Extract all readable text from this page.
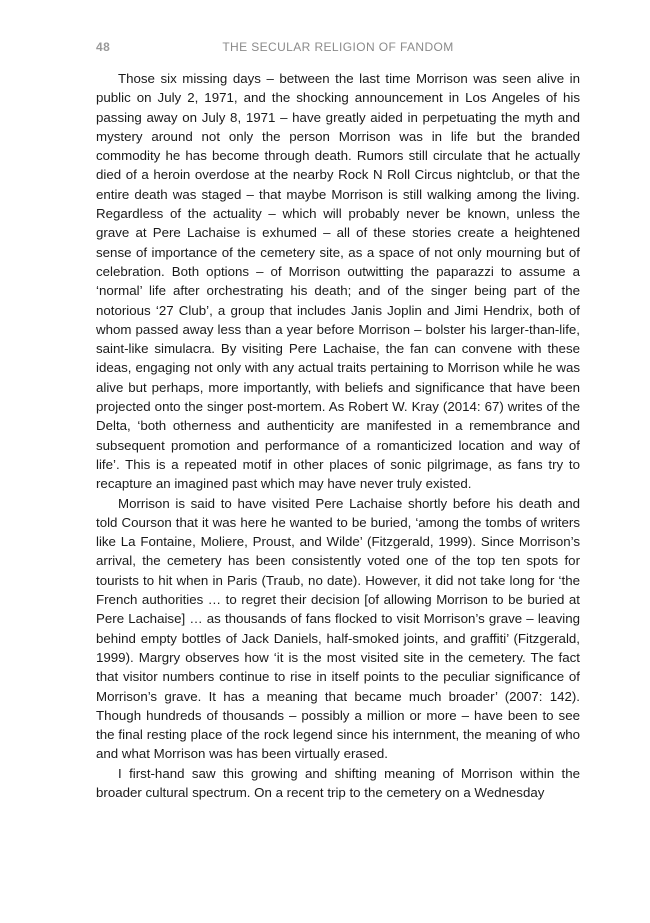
48	THE SECULAR RELIGION OF FANDOM

Those six missing days – between the last time Morrison was seen alive in public on July 2, 1971, and the shocking announcement in Los Angeles of his passing away on July 8, 1971 – have greatly aided in perpetuating the myth and mystery around not only the person Morrison was in life but the branded commodity he has become through death. Rumors still circulate that he actually died of a heroin overdose at the nearby Rock N Roll Circus nightclub, or that the entire death was staged – that maybe Morrison is still walking among the living. Regardless of the actuality – which will probably never be known, unless the grave at Pere Lachaise is exhumed – all of these stories create a heightened sense of importance of the cemetery site, as a space of not only mourning but of celebration. Both options – of Morrison outwitting the paparazzi to assume a ‘normal’ life after orchestrating his death; and of the singer being part of the notorious ‘27 Club’, a group that includes Janis Joplin and Jimi Hendrix, both of whom passed away less than a year before Morrison – bolster his larger-than-life, saint-like simulacra. By visiting Pere Lachaise, the fan can convene with these ideas, engaging not only with any actual traits pertaining to Morrison while he was alive but perhaps, more importantly, with beliefs and significance that have been projected onto the singer post-mortem. As Robert W. Kray (2014: 67) writes of the Delta, ‘both otherness and authenticity are manifested in a remembrance and subsequent promotion and performance of a romanticized location and way of life’. This is a repeated motif in other places of sonic pilgrimage, as fans try to recapture an imagined past which may have never truly existed.

Morrison is said to have visited Pere Lachaise shortly before his death and told Courson that it was here he wanted to be buried, ‘among the tombs of writers like La Fontaine, Moliere, Proust, and Wilde’ (Fitzgerald, 1999). Since Morrison’s arrival, the cemetery has been consistently voted one of the top ten spots for tourists to hit when in Paris (Traub, no date). However, it did not take long for ‘the French authorities … to regret their decision [of allowing Morrison to be buried at Pere Lachaise] … as thousands of fans flocked to visit Morrison’s grave – leaving behind empty bottles of Jack Daniels, half-smoked joints, and graffiti’ (Fitzgerald, 1999). Margry observes how ‘it is the most visited site in the cemetery. The fact that visitor numbers continue to rise in itself points to the peculiar significance of Morrison’s grave. It has a meaning that became much broader’ (2007: 142). Though hundreds of thousands – possibly a million or more – have been to see the final resting place of the rock legend since his internment, the meaning of who and what Morrison was has been virtually erased.

I first-hand saw this growing and shifting meaning of Morrison within the broader cultural spectrum. On a recent trip to the cemetery on a Wednesday
